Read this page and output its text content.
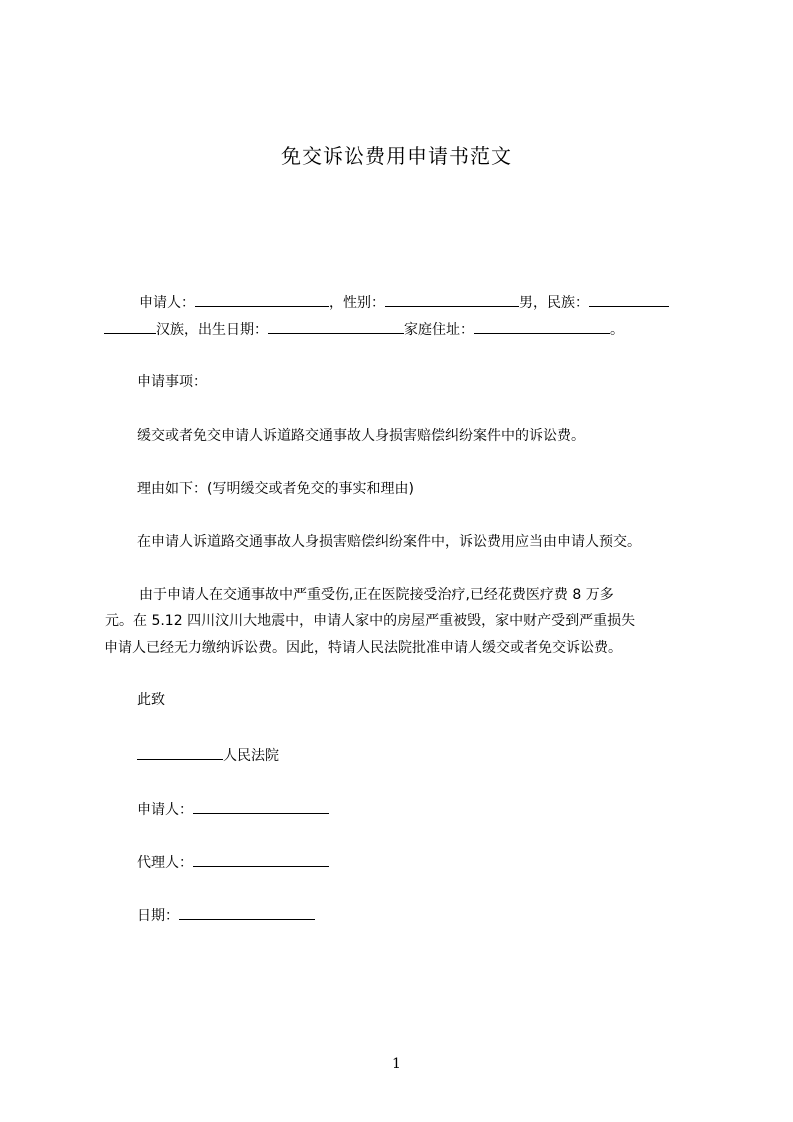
免交诉讼费用申请书范文
申请人：	，性别：	男，民族：
汉族，出生日期：	家庭住址：	。
申请事项：
缓交或者免交申请人诉道路交通事故人身损害赔偿纠纷案件中的诉讼费。
理由如下：(写明缓交或者免交的事实和理由)
在申请人诉道路交通事故人身损害赔偿纠纷案件中，诉讼费用应当由申请人预交。
由于申请人在交通事故中严重受伤,正在医院接受治疗,已经花费医疗费 8 万多
元。在 5.12 四川汶川大地震中，申请人家中的房屋严重被毁，家中财产受到严重损失
申请人已经无力缴纳诉讼费。因此，特请人民法院批准申请人缓交或者免交诉讼费。
此致
人民法院
申请人：
代理人：
日期：
1
